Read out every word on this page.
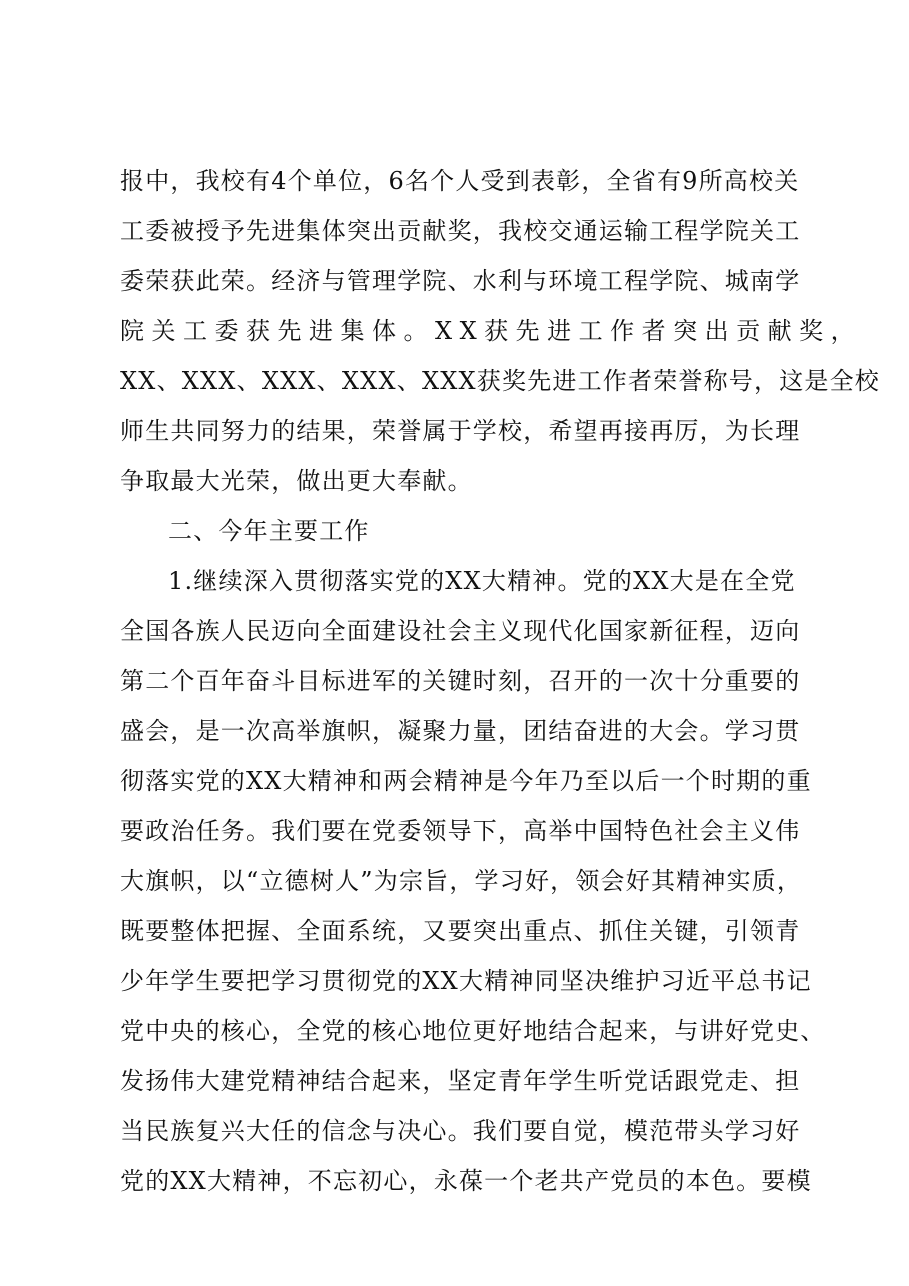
报中，我校有4个单位，6名个人受到表彰，全省有9所高校关
工委被授予先进集体突出贡献奖，我校交通运输工程学院关工
委荣获此荣。经济与管理学院、水利与环境工程学院、城南学
院关工委获先进集体。XX获先进工作者突出贡献奖，
XX、XXX、XXX、XXX、XXX获奖先进工作者荣誉称号，这是全校
师生共同努力的结果，荣誉属于学校，希望再接再厉，为长理
争取最大光荣，做出更大奉献。
二、今年主要工作
1.继续深入贯彻落实党的XX大精神。党的XX大是在全党
全国各族人民迈向全面建设社会主义现代化国家新征程，迈向
第二个百年奋斗目标进军的关键时刻，召开的一次十分重要的
盛会，是一次高举旗帜，凝聚力量，团结奋进的大会。学习贯
彻落实党的XX大精神和两会精神是今年乃至以后一个时期的重
要政治任务。我们要在党委领导下，高举中国特色社会主义伟
大旗帜，以“立德树人”为宗旨，学习好，领会好其精神实质，
既要整体把握、全面系统，又要突出重点、抓住关键，引领青
少年学生要把学习贯彻党的XX大精神同坚决维护习近平总书记
党中央的核心，全党的核心地位更好地结合起来，与讲好党史、
发扬伟大建党精神结合起来，坚定青年学生听党话跟党走、担
当民族复兴大任的信念与决心。我们要自觉，模范带头学习好
党的XX大精神，不忘初心，永葆一个老共产党员的本色。要模
